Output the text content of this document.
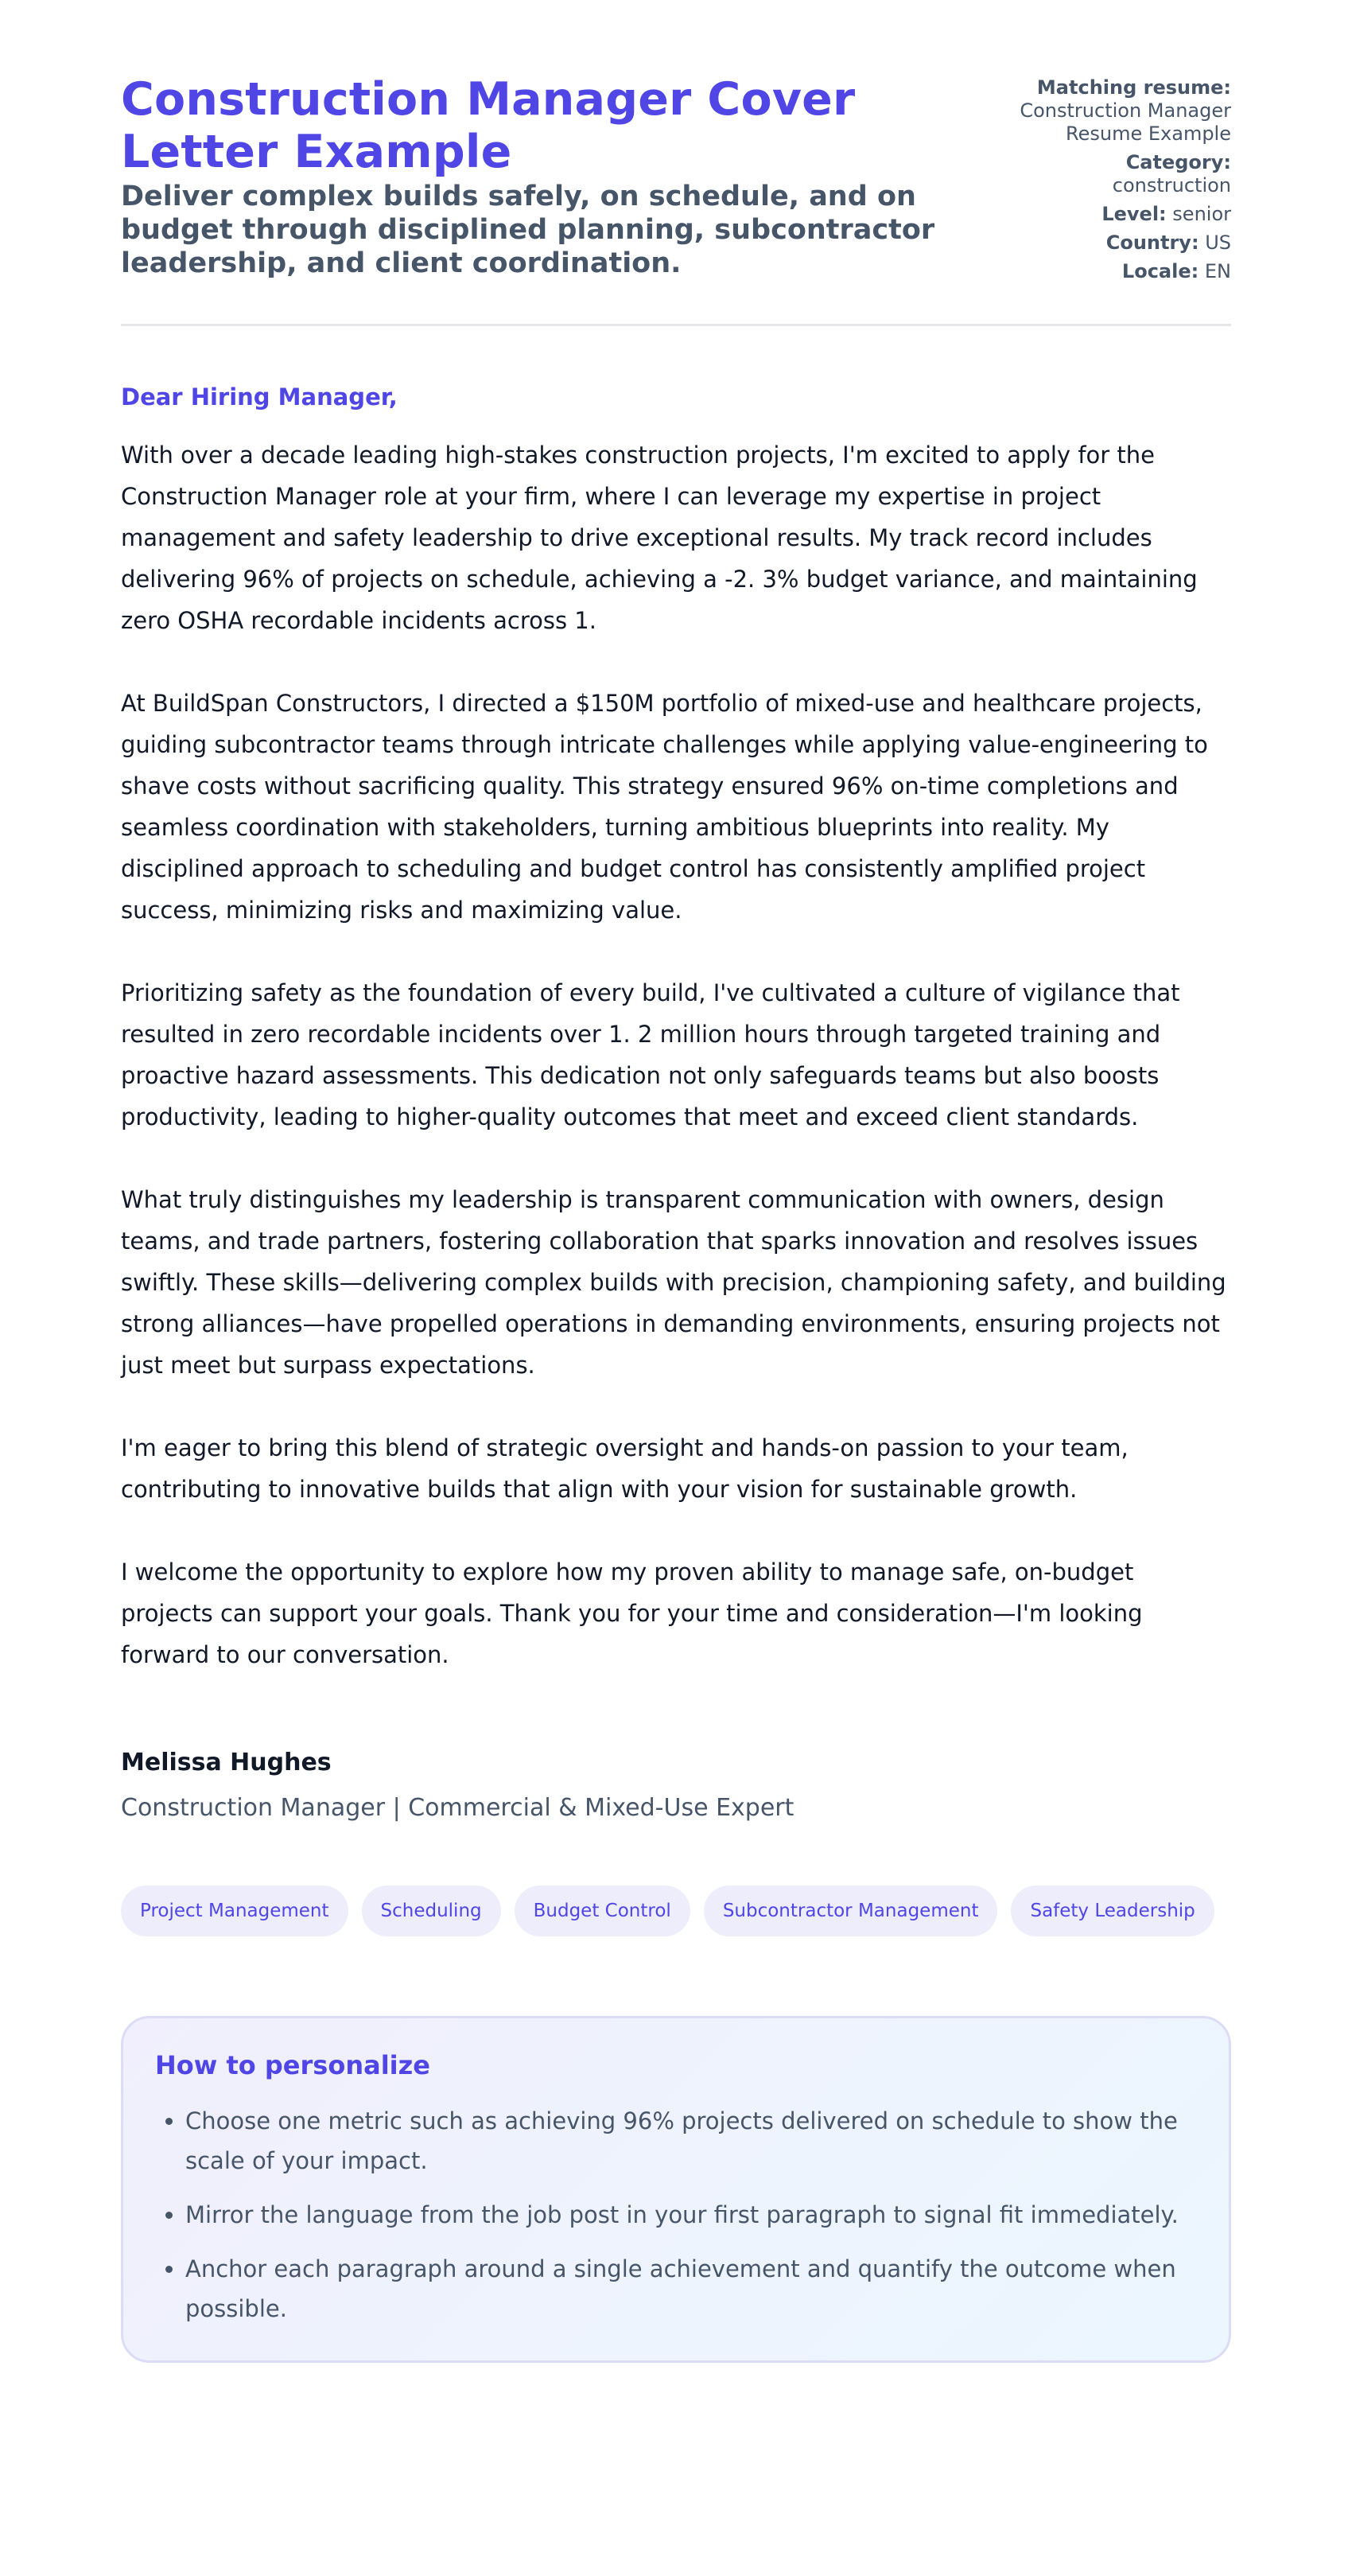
Construction Manager Cover Letter Example

Deliver complex builds safely, on schedule, and on budget through disciplined planning, subcontractor leadership, and client coordination.

Matching resume:
Construction Manager Resume Example
Category:
construction
Level: senior
Country: US
Locale: EN
Dear Hiring Manager,

With over a decade leading high-stakes construction projects, I'm excited to apply for the Construction Manager role at your firm, where I can leverage my expertise in project management and safety leadership to drive exceptional results. My track record includes delivering 96% of projects on schedule, achieving a -2. 3% budget variance, and maintaining zero OSHA recordable incidents across 1.

At BuildSpan Constructors, I directed a $150M portfolio of mixed-use and healthcare projects, guiding subcontractor teams through intricate challenges while applying value-engineering to shave costs without sacrificing quality. This strategy ensured 96% on-time completions and seamless coordination with stakeholders, turning ambitious blueprints into reality. My disciplined approach to scheduling and budget control has consistently amplified project success, minimizing risks and maximizing value.

Prioritizing safety as the foundation of every build, I've cultivated a culture of vigilance that resulted in zero recordable incidents over 1. 2 million hours through targeted training and proactive hazard assessments. This dedication not only safeguards teams but also boosts productivity, leading to higher-quality outcomes that meet and exceed client standards.

What truly distinguishes my leadership is transparent communication with owners, design teams, and trade partners, fostering collaboration that sparks innovation and resolves issues swiftly. These skills—delivering complex builds with precision, championing safety, and building strong alliances—have propelled operations in demanding environments, ensuring projects not just meet but surpass expectations.

I'm eager to bring this blend of strategic oversight and hands-on passion to your team, contributing to innovative builds that align with your vision for sustainable growth.

I welcome the opportunity to explore how my proven ability to manage safe, on-budget projects can support your goals. Thank you for your time and consideration—I'm looking forward to our conversation.

Melissa Hughes
Construction Manager | Commercial & Mixed-Use Expert
Project Management	Scheduling	Budget Control	Subcontractor Management	Safety Leadership
How to personalize
• Choose one metric such as achieving 96% projects delivered on schedule to show the scale of your impact.
• Mirror the language from the job post in your first paragraph to signal fit immediately.
• Anchor each paragraph around a single achievement and quantify the outcome when possible.
